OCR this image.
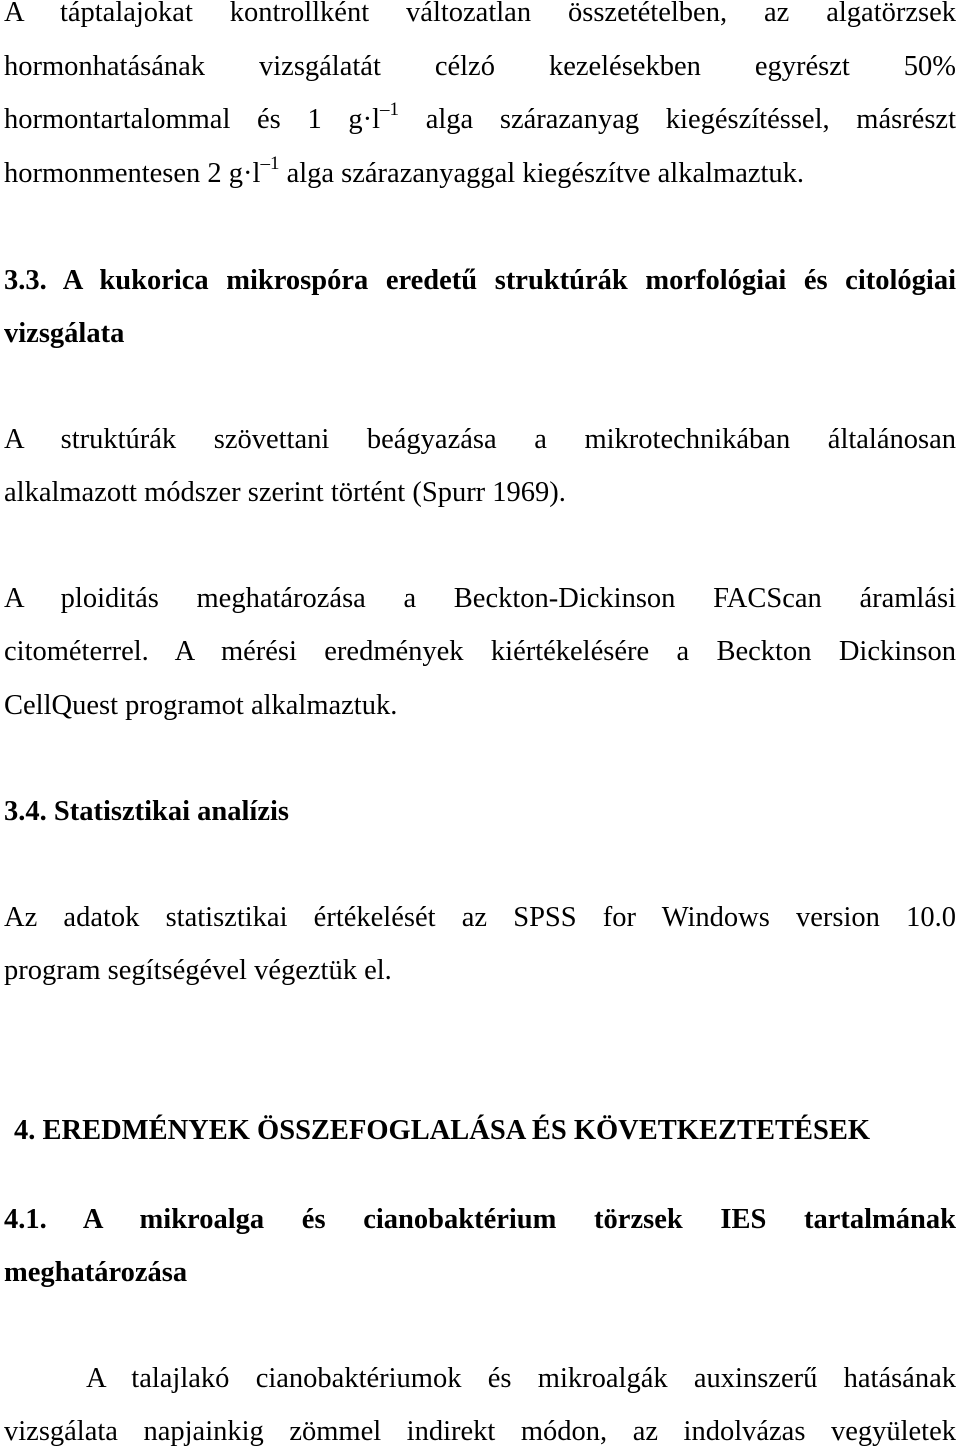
A táptalajokat kontrollként változatlan összetételben, az algatörzsek
hormonhatásának vizsgálatát célzó kezelésekben egyrészt 50%
hormontartalommal és 1 $g\cdot l^{-1}$ alga szárazanyag kiegészítéssel, másrészt
hormonmentesen 2 $g\cdot l^{-1}$ alga szárazanyaggal kiegészítve alkalmaztuk.
3.3. A kukorica mikrospóra eredetű struktúrák morfológiai és citológiai
vizsgálata
A struktúrák szövettani beágyazása a mikrotechnikában általánosan
alkalmazott módszer szerint történt (Spurr 1969).
A ploiditás meghatározása a Beckton-Dickinson FACScan áramlási
citométerrel. A mérési eredmények kiértékelésére a Beckton Dickinson
CellQuest programot alkalmaztuk.
3.4. Statisztikai analízis
Az adatok statisztikai értékelését az SPSS for Windows version 10.0
program segítségével végeztük el.
4. EREDMÉNYEK ÖSSZEFOGLALÁSA ÉS KÖVETKEZTETÉSEK
4.1. A mikroalga és cianobaktérium törzsek IES tartalmának
meghatározása
A talajlakó cianobaktériumok és mikroalgák auxinszerű hatásának
vizsgálata napjainkig zömmel indirekt módon, az indolvázas vegyületek
